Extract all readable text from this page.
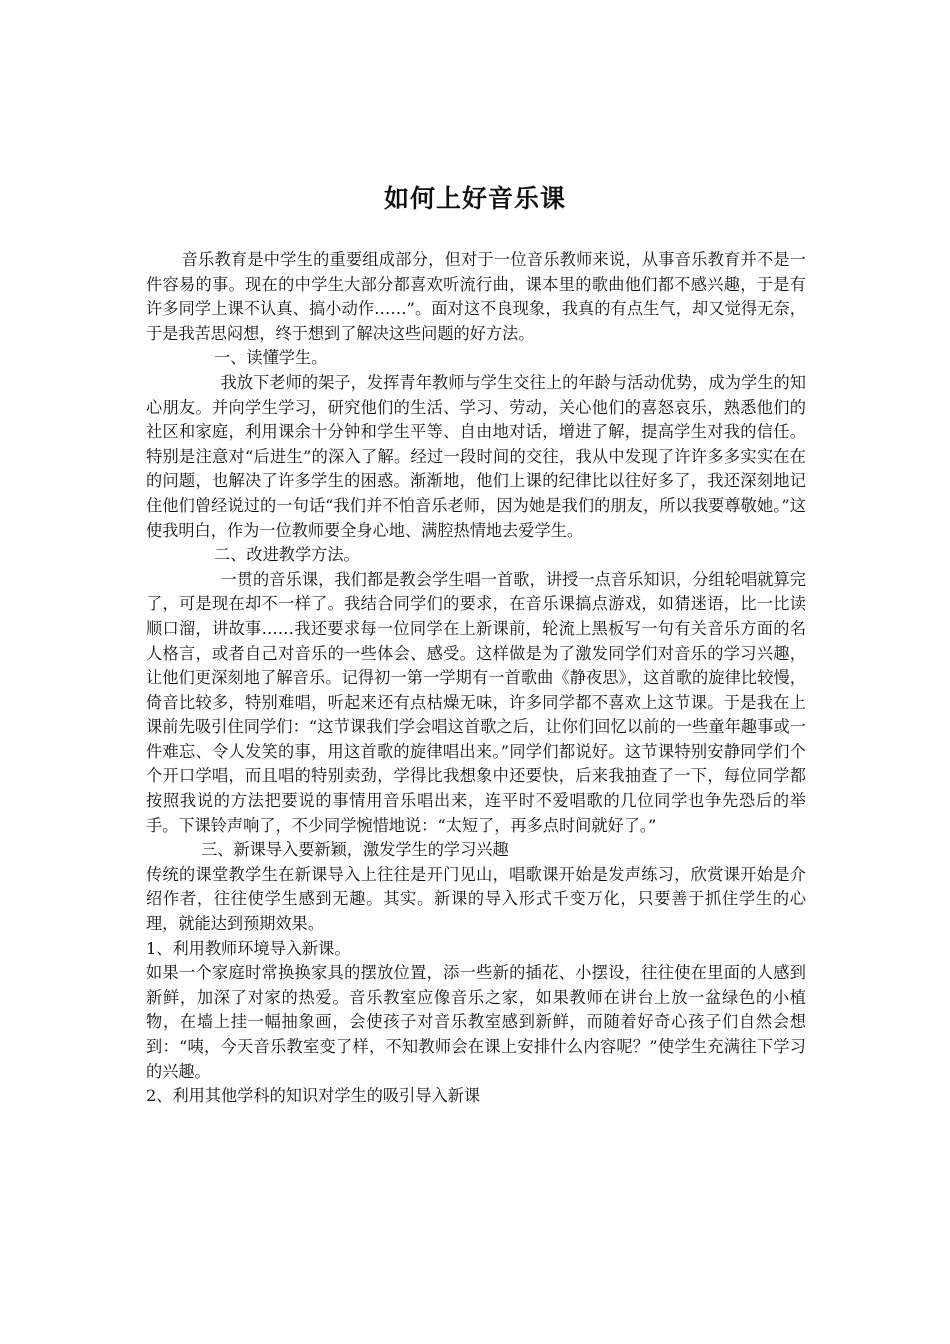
如何上好音乐课

音乐教育是中学生的重要组成部分，但对于一位音乐教师来说，从事音乐教育并不是一件容易的事。现在的中学生大部分都喜欢听流行曲，课本里的歌曲他们都不感兴趣，于是有许多同学上课不认真、搞小动作……”。面对这不良现象，我真的有点生气，却又觉得无奈，于是我苦思闷想，终于想到了解决这些问题的好方法。

一、读懂学生。

我放下老师的架子，发挥青年教师与学生交往上的年龄与活动优势，成为学生的知心朋友。并向学生学习，研究他们的生活、学习、劳动，关心他们的喜怒哀乐，熟悉他们的社区和家庭，利用课余十分钟和学生平等、自由地对话，增进了解，提高学生对我的信任。特别是注意对“后进生”的深入了解。经过一段时间的交往，我从中发现了许许多多实实在在的问题，也解决了许多学生的困惑。渐渐地，他们上课的纪律比以往好多了，我还深刻地记住他们曾经说过的一句话“我们并不怕音乐老师，因为她是我们的朋友，所以我要尊敬她。”这使我明白，作为一位教师要全身心地、满腔热情地去爱学生。

二、改进教学方法。

一贯的音乐课，我们都是教会学生唱一首歌，讲授一点音乐知识，分组轮唱就算完了，可是现在却不一样了。我结合同学们的要求，在音乐课搞点游戏，如猜迷语，比一比读顺口溜，讲故事……我还要求每一位同学在上新课前，轮流上黑板写一句有关音乐方面的名人格言，或者自己对音乐的一些体会、感受。这样做是为了激发同学们对音乐的学习兴趣，让他们更深刻地了解音乐。记得初一第一学期有一首歌曲《静夜思》，这首歌的旋律比较慢，倚音比较多，特别难唱，听起来还有点枯燥无味，许多同学都不喜欢上这节课。于是我在上课前先吸引住同学们：“这节课我们学会唱这首歌之后，让你们回忆以前的一些童年趣事或一件难忘、令人发笑的事，用这首歌的旋律唱出来。”同学们都说好。这节课特别安静同学们个个开口学唱，而且唱的特别卖劲，学得比我想象中还要快，后来我抽查了一下，每位同学都按照我说的方法把要说的事情用音乐唱出来，连平时不爱唱歌的几位同学也争先恐后的举手。下课铃声响了，不少同学惋惜地说：“太短了，再多点时间就好了。”

三、新课导入要新颖，激发学生的学习兴趣

传统的课堂教学生在新课导入上往往是开门见山，唱歌课开始是发声练习，欣赏课开始是介绍作者，往往使学生感到无趣。其实。新课的导入形式千变万化，只要善于抓住学生的心理，就能达到预期效果。

1、利用教师环境导入新课。

如果一个家庭时常换换家具的摆放位置，添一些新的插花、小摆设，往往使在里面的人感到新鲜，加深了对家的热爱。音乐教室应像音乐之家，如果教师在讲台上放一盆绿色的小植物，在墙上挂一幅抽象画，会使孩子对音乐教室感到新鲜，而随着好奇心孩子们自然会想到：“咦，今天音乐教室变了样，不知教师会在课上安排什么内容呢？”使学生充满往下学习的兴趣。

2、利用其他学科的知识对学生的吸引导入新课
